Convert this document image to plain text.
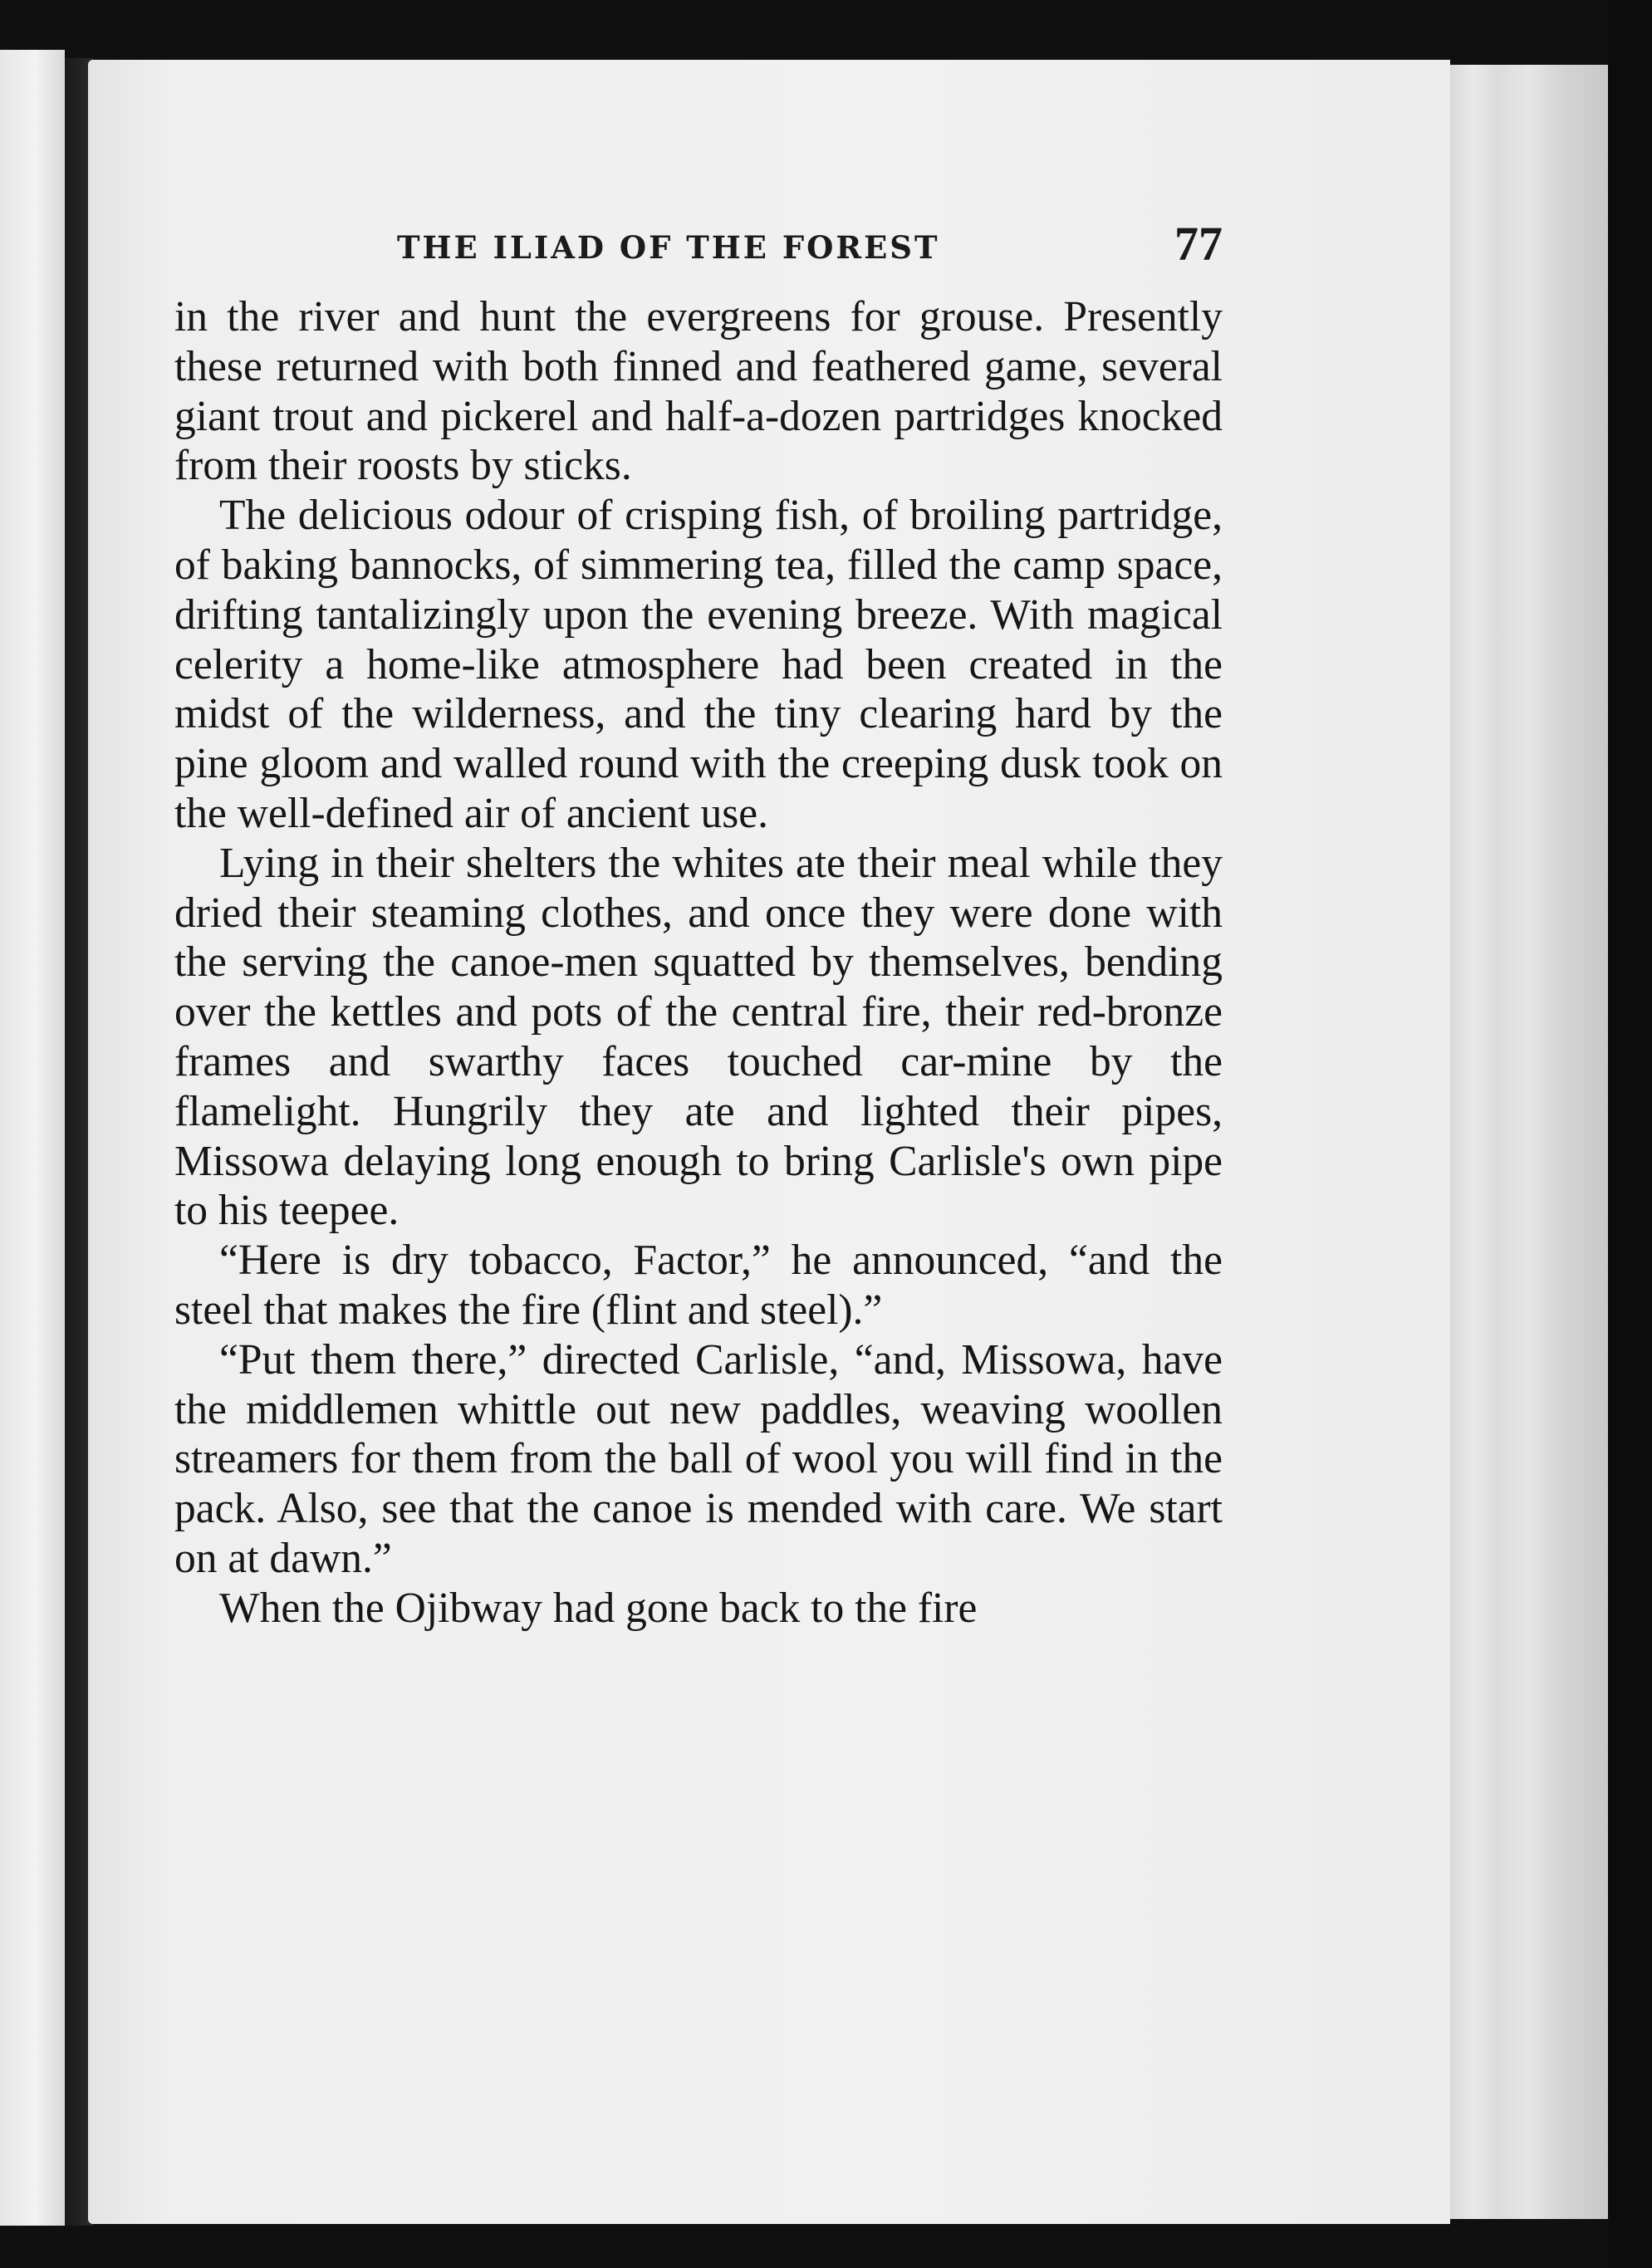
THE ILIAD OF THE FOREST	77

in the river and hunt the evergreens for grouse. Presently these returned with both finned and feathered game, several giant trout and pickerel and half-a-dozen partridges knocked from their roosts by sticks.

The delicious odour of crisping fish, of broiling partridge, of baking bannocks, of simmering tea, filled the camp space, drifting tantalizingly upon the evening breeze. With magical celerity a home-like atmosphere had been created in the midst of the wilderness, and the tiny clearing hard by the pine gloom and walled round with the creeping dusk took on the well-defined air of ancient use.

Lying in their shelters the whites ate their meal while they dried their steaming clothes, and once they were done with the serving the canoe-men squatted by themselves, bending over the kettles and pots of the central fire, their red-bronze frames and swarthy faces touched car-mine by the flamelight. Hungrily they ate and lighted their pipes, Missowa delaying long enough to bring Carlisle's own pipe to his teepee.

“Here is dry tobacco, Factor,” he announced, “and the steel that makes the fire (flint and steel).”

“Put them there,” directed Carlisle, “and, Missowa, have the middlemen whittle out new paddles, weaving woollen streamers for them from the ball of wool you will find in the pack. Also, see that the canoe is mended with care. We start on at dawn.”

When the Ojibway had gone back to the fire
